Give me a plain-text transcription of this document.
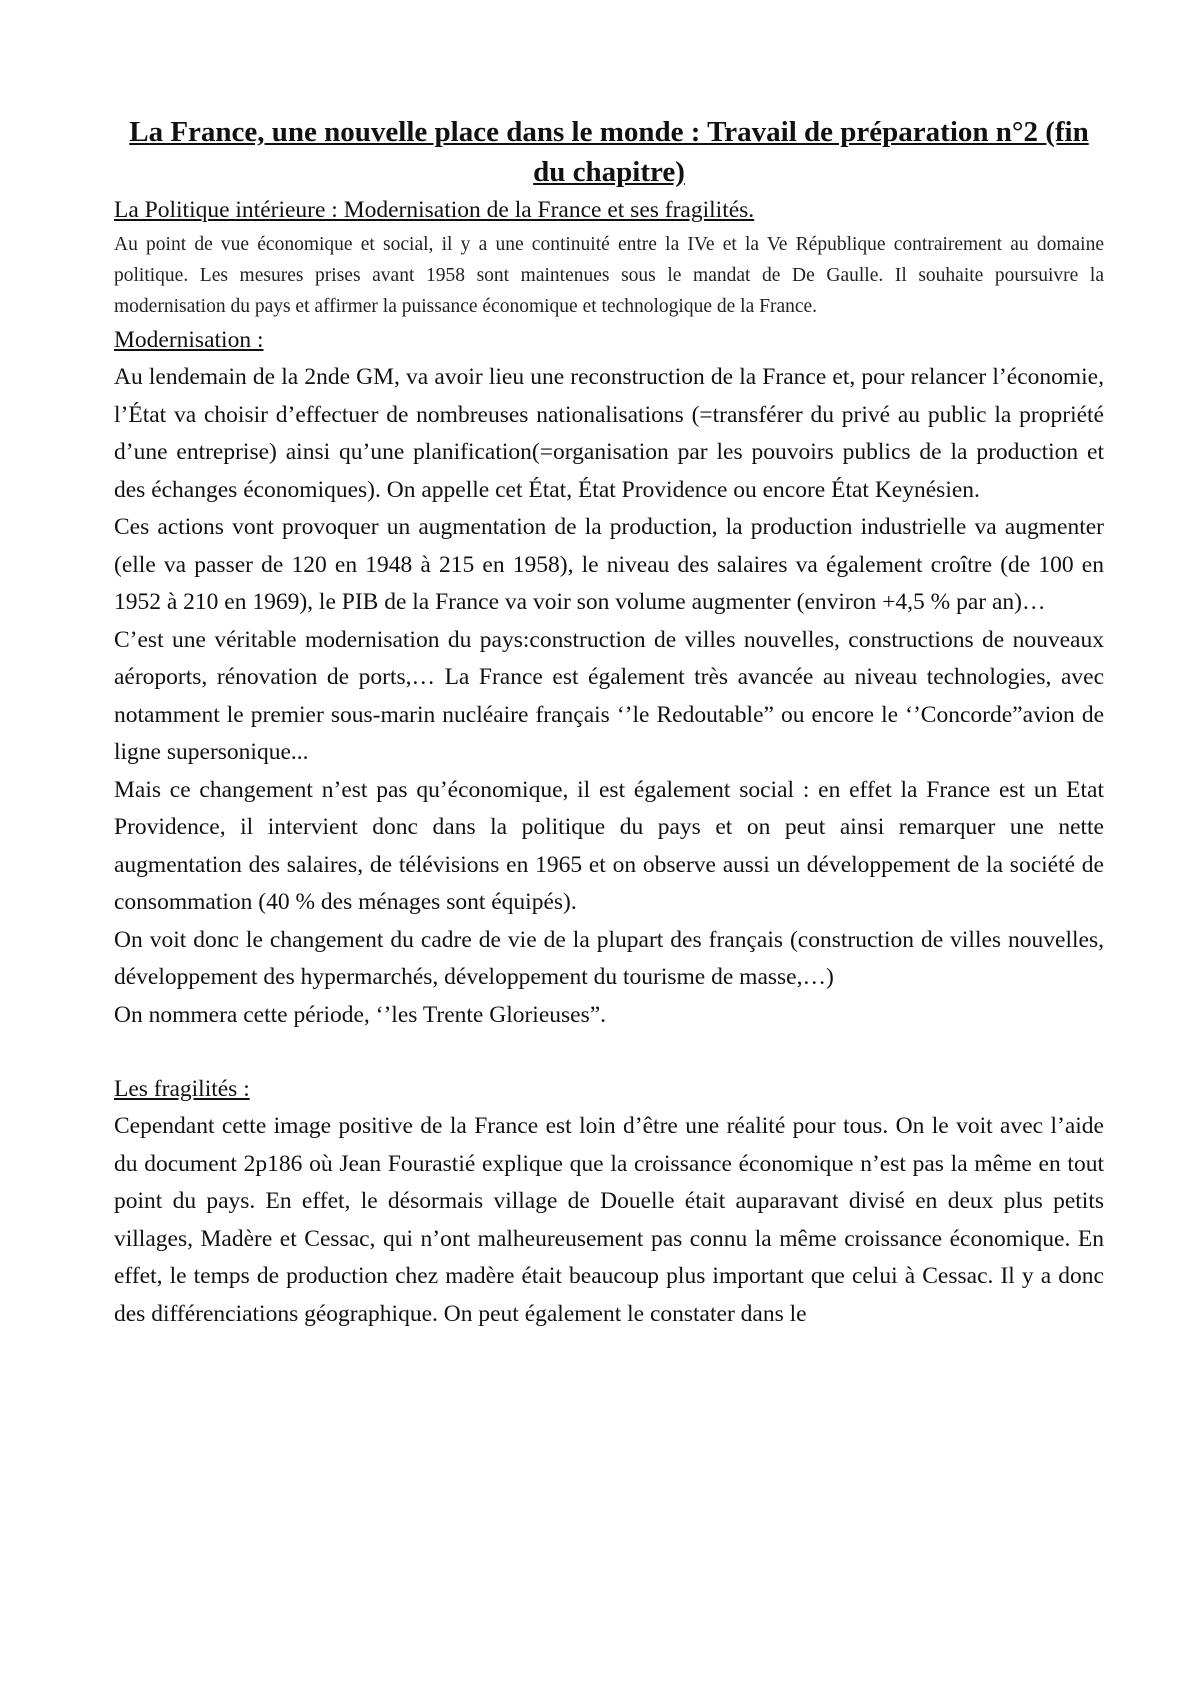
La France, une nouvelle place dans le monde : Travail de préparation n°2 (fin du chapitre)
La Politique intérieure : Modernisation de la France et ses fragilités.

Au point de vue économique et social, il y a une continuité entre la IVe et la Ve République contrairement au domaine politique. Les mesures prises avant 1958 sont maintenues sous le mandat de De Gaulle. Il souhaite poursuivre la modernisation du pays et affirmer la puissance économique et technologique de la France.

Modernisation :

Au lendemain de la 2nde GM, va avoir lieu une reconstruction de la France et, pour relancer l’économie, l’État va choisir d’effectuer de nombreuses nationalisations (=transférer du privé au public la propriété d’une entreprise) ainsi qu’une planification(=organisation par les pouvoirs publics de la production et des échanges économiques). On appelle cet État, État Providence ou encore État Keynésien.

Ces actions vont provoquer un augmentation de la production, la production industrielle va augmenter (elle va passer de 120 en 1948 à 215 en 1958), le niveau des salaires va également croître (de 100 en 1952 à 210 en 1969), le PIB de la France va voir son volume augmenter (environ +4,5 % par an)…

C’est une véritable modernisation du pays:construction de villes nouvelles, constructions de nouveaux aéroports, rénovation de ports,… La France est également très avancée au niveau technologies, avec notamment le premier sous-marin nucléaire français ‘’le Redoutable” ou encore le ‘’Concorde”avion de ligne supersonique...

Mais ce changement n’est pas qu’économique, il est également social : en effet la France est un Etat Providence, il intervient donc dans la politique du pays et on peut ainsi remarquer une nette augmentation des salaires, de télévisions en 1965 et on observe aussi un développement de la société de consommation (40 % des ménages sont équipés).

On voit donc le changement du cadre de vie de la plupart des français (construction de villes nouvelles, développement des hypermarchés, développement du tourisme de masse,…)

On nommera cette période, ‘’les Trente Glorieuses”.

Les fragilités :

Cependant cette image positive de la France est loin d’être une réalité pour tous. On le voit avec l’aide du document 2p186 où Jean Fourastié explique que la croissance économique n’est pas la même en tout point du pays. En effet, le désormais village de Douelle était auparavant divisé en deux plus petits villages, Madère et Cessac, qui n’ont malheureusement pas connu la même croissance économique. En effet, le temps de production chez madère était beaucoup plus important que celui à Cessac. Il y a donc des différenciations géographique. On peut également le constater dans le
